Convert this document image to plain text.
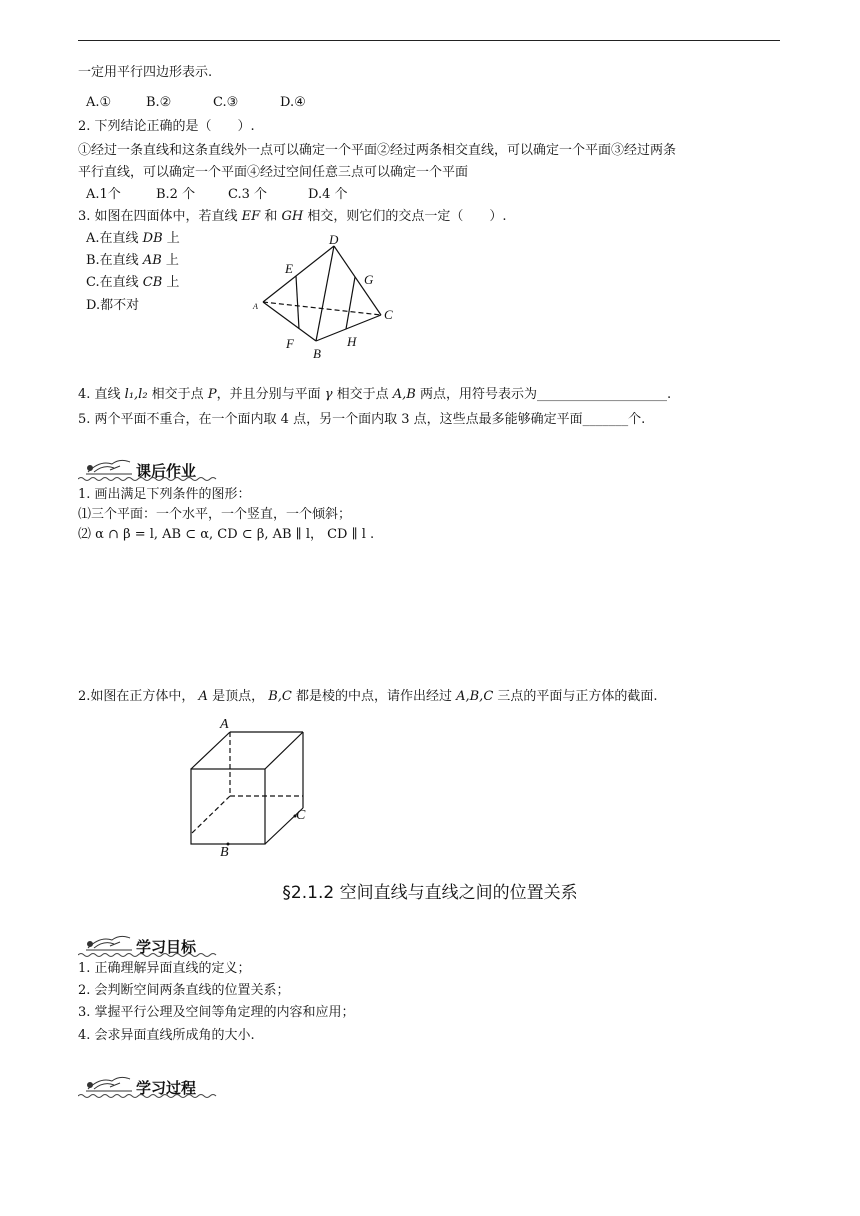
一定用平行四边形表示.
A.①	B.②	C.③	D.④
2. 下列结论正确的是（　　）.
①经过一条直线和这条直线外一点可以确定一个平面②经过两条相交直线，可以确定一个平面③经过两条
平行直线，可以确定一个平面④经过空间任意三点可以确定一个平面
A.1个	B.2 个	C.3 个	D.4 个
3. 如图在四面体中，若直线 EF 和 GH 相交，则它们的交点一定（　　）.
A.在直线 DB 上
B.在直线 AB 上
C.在直线 CB 上
D.都不对
D
E
G
A
C
F
B
H
4. 直线 l₁,l₂ 相交于点 P，并且分别与平面 γ 相交于点 A,B 两点，用符号表示为____________________.
5. 两个平面不重合，在一个面内取 4 点，另一个面内取 3 点，这些点最多能够确定平面_______个.
课后作业
1. 画出满足下列条件的图形：
⑴三个平面：一个水平，一个竖直，一个倾斜；
⑵ α ∩ β = l, AB ⊂ α, CD ⊂ β, AB ∥ l， CD ∥ l .
2.如图在正方体中， A 是顶点， B,C 都是棱的中点，请作出经过 A,B,C 三点的平面与正方体的截面.
A
C
B
§2.1.2 空间直线与直线之间的位置关系
学习目标
1. 正确理解异面直线的定义；
2. 会判断空间两条直线的位置关系；
3. 掌握平行公理及空间等角定理的内容和应用；
4. 会求异面直线所成角的大小.
学习过程
